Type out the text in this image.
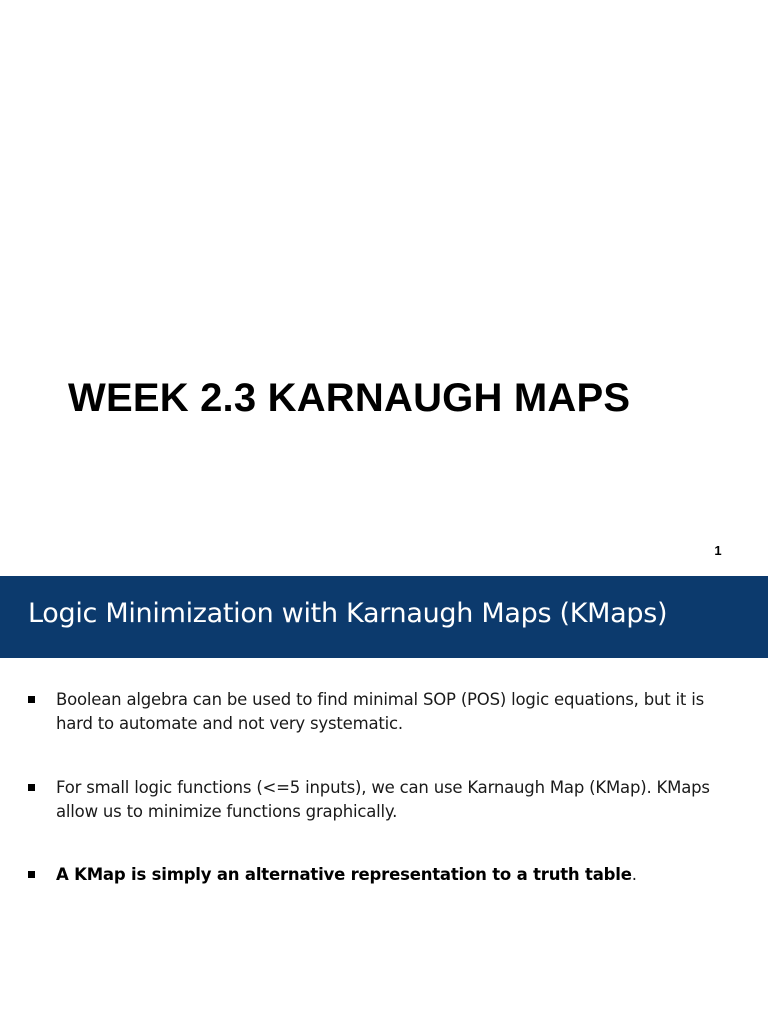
WEEK 2.3 KARNAUGH MAPS
1
Logic Minimization with Karnaugh Maps (KMaps)
Boolean algebra can be used to find minimal SOP (POS) logic equations, but it is hard to automate and not very systematic.
For small logic functions (<=5 inputs), we can use Karnaugh Map (KMap). KMaps allow us to minimize functions graphically.
A KMap is simply an alternative representation to a truth table.
